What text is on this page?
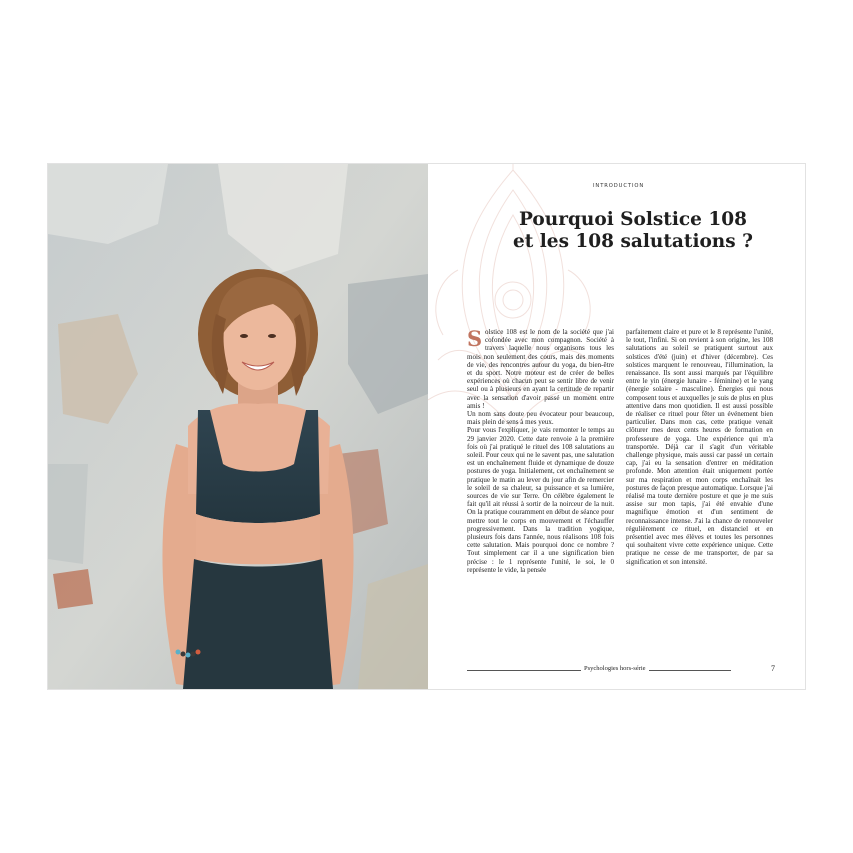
INTRODUCTION
Pourquoi Solstice 108
et les 108 salutations ?
S olstice 108 est le nom de la société que j'ai cofondée avec mon compagnon. Société à travers laquelle nous organisons tous les mois non seulement des cours, mais des moments de vie, des rencontres autour du yoga, du bien-être et du sport. Notre moteur est de créer de belles expériences où chacun peut se sentir libre de venir seul ou à plusieurs en ayant la certitude de repartir avec la sensation d'avoir passé un moment entre amis !

Un nom sans doute peu évocateur pour beaucoup, mais plein de sens à mes yeux.

Pour vous l'expliquer, je vais remonter le temps au 29 janvier 2020. Cette date renvoie à la première fois où j'ai pratiqué le rituel des 108 salutations au soleil. Pour ceux qui ne le savent pas, une salutation est un enchaînement fluide et dynamique de douze postures de yoga. Initialement, cet enchaînement se pratique le matin au lever du jour afin de remercier le soleil de sa chaleur, sa puissance et sa lumière, sources de vie sur Terre. On célèbre également le fait qu'il ait réussi à sortir de la noirceur de la nuit. On la pratique couramment en début de séance pour mettre tout le corps en mouvement et l'échauffer progressivement. Dans la tradition yogique, plusieurs fois dans l'année, nous réalisons 108 fois cette salutation. Mais pourquoi donc ce nombre ? Tout simplement car il a une signification bien précise : le 1 représente l'unité, le soi, le 0 représente le vide, la pensée

parfaitement claire et pure et le 8 représente l'unité, le tout, l'infini. Si on revient à son origine, les 108 salutations au soleil se pratiquent surtout aux solstices d'été (juin) et d'hiver (décembre). Ces solstices marquent le renouveau, l'illumination, la renaissance. Ils sont aussi marqués par l'équilibre entre le yin (énergie lunaire - féminine) et le yang (énergie solaire - masculine). Énergies qui nous composent tous et auxquelles je suis de plus en plus attentive dans mon quotidien. Il est aussi possible de réaliser ce rituel pour fêter un événement bien particulier. Dans mon cas, cette pratique venait clôturer mes deux cents heures de formation en professeure de yoga. Une expérience qui m'a transportée. Déjà car il s'agit d'un véritable challenge physique, mais aussi car passé un certain cap, j'ai eu la sensation d'entrer en méditation profonde. Mon attention était uniquement portée sur ma respiration et mon corps enchaînait les postures de façon presque automatique. Lorsque j'ai réalisé ma toute dernière posture et que je me suis assise sur mon tapis, j'ai été envahie d'une magnifique émotion et d'un sentiment de reconnaissance intense. J'ai la chance de renouveler régulièrement ce rituel, en distanciel et en présentiel avec mes élèves et toutes les personnes qui souhaitent vivre cette expérience unique. Cette pratique ne cesse de me transporter, de par sa signification et son intensité.

Psychologies hors-série	7
